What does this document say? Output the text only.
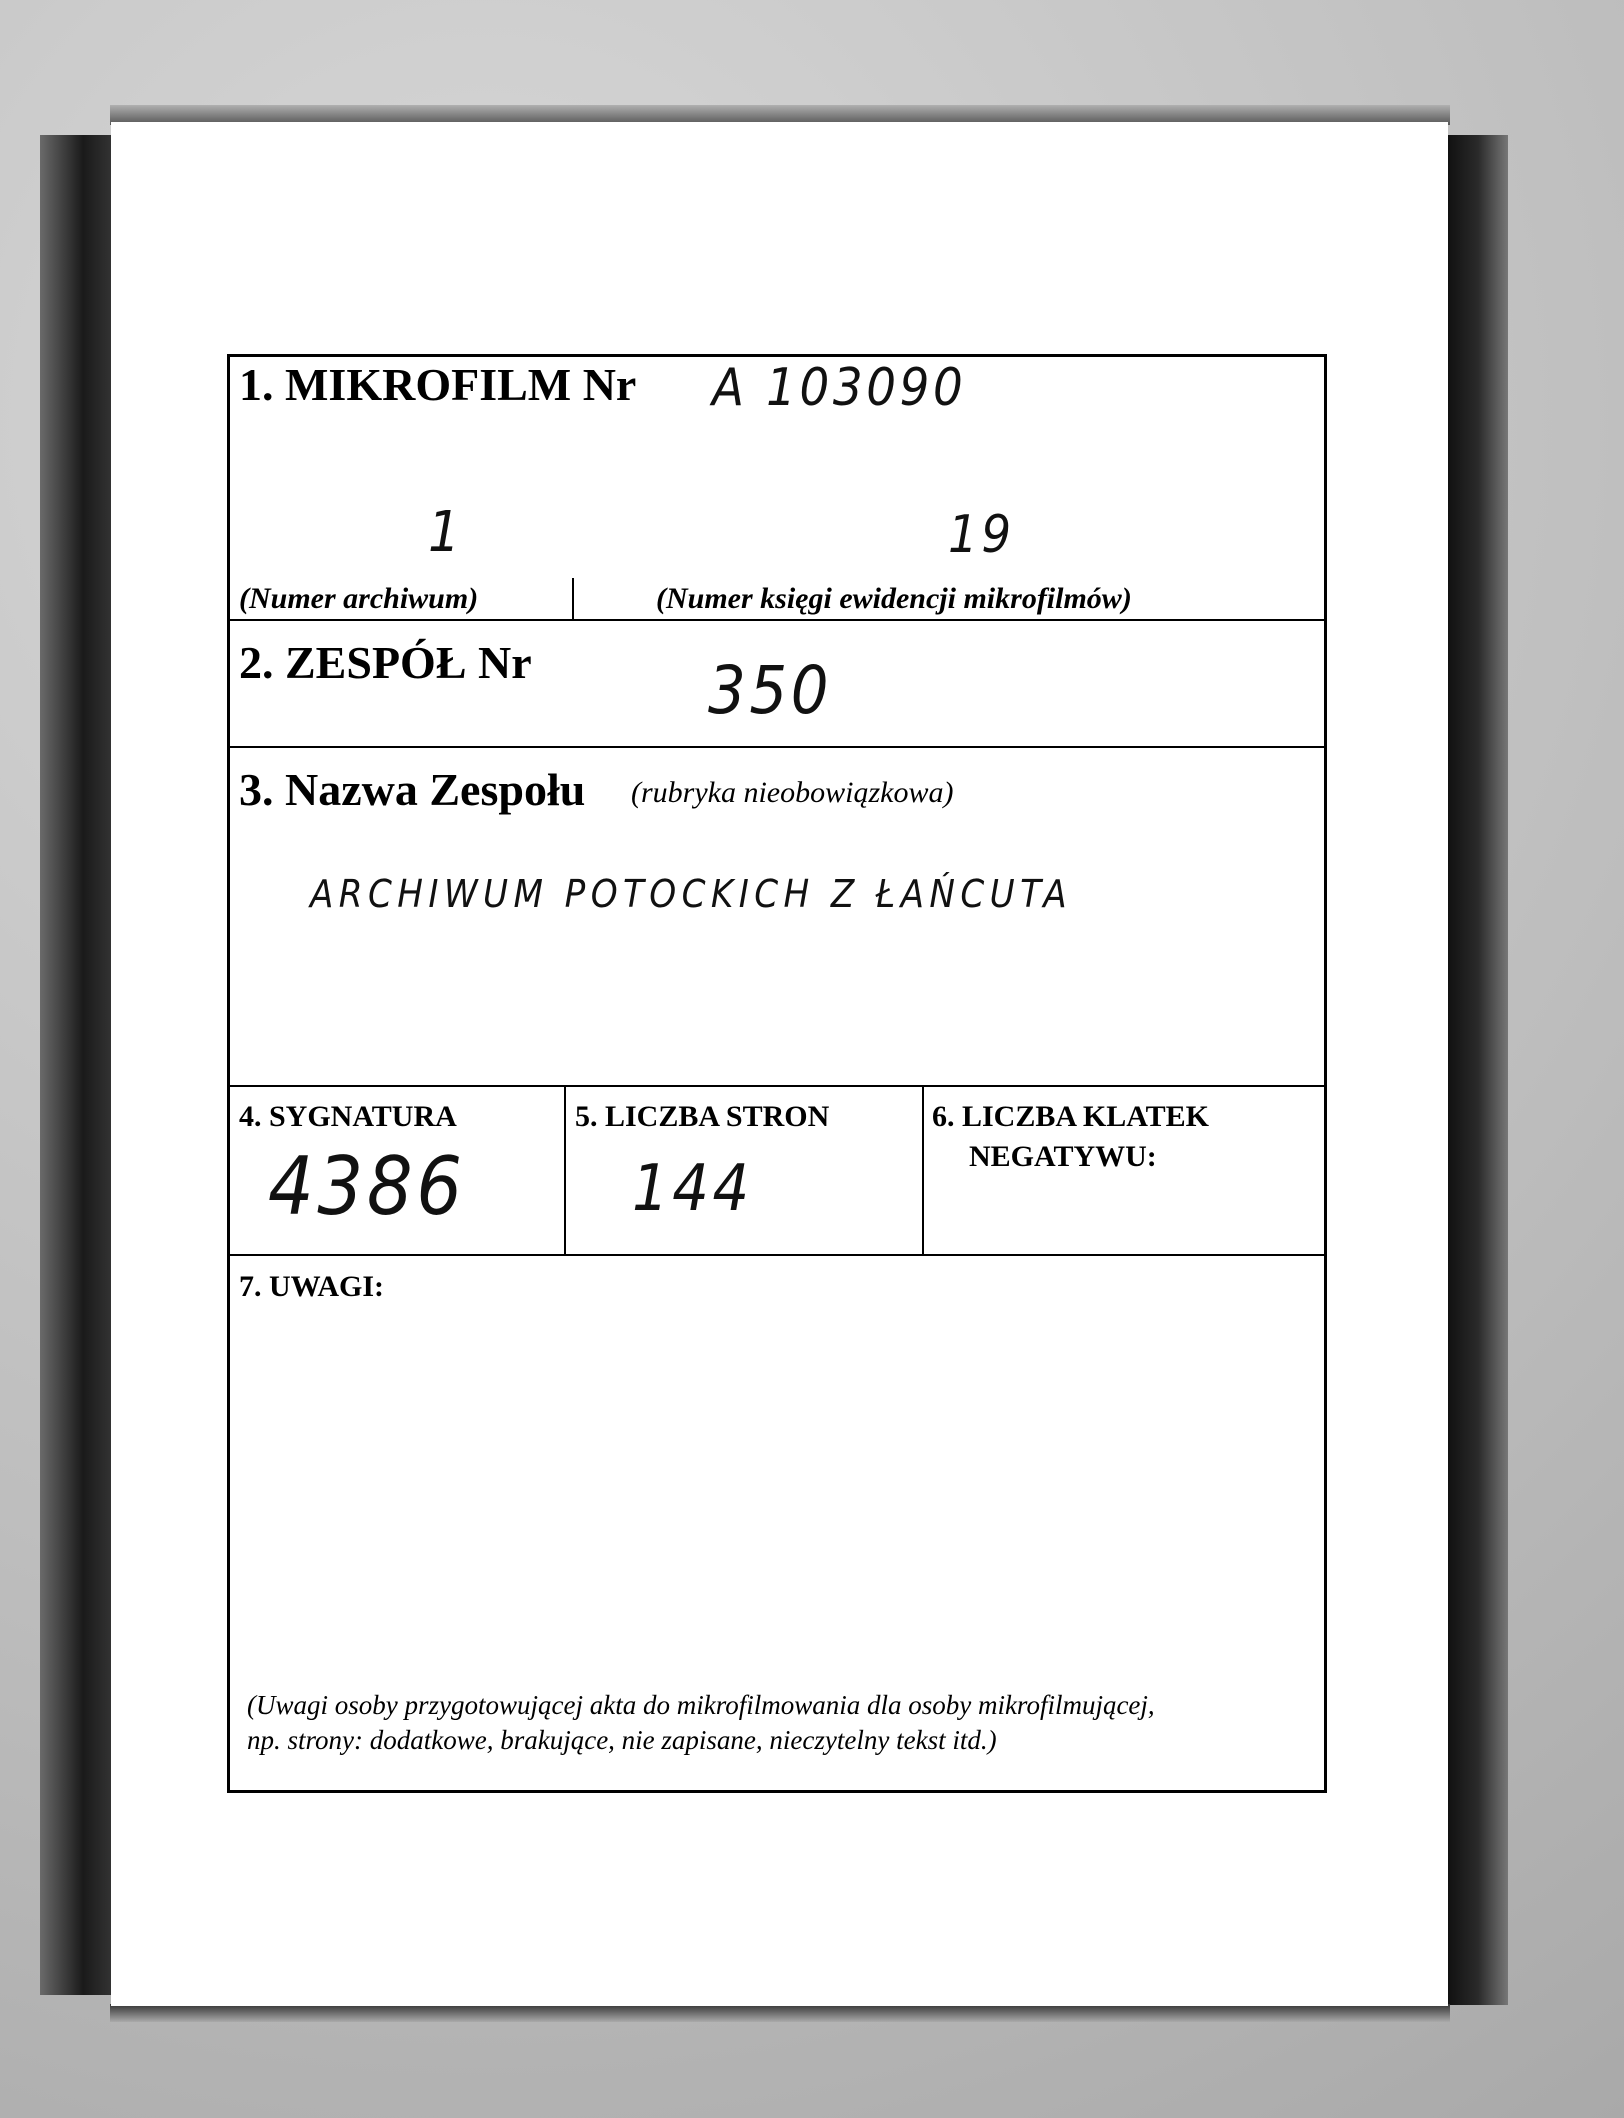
1. MIKROFILM Nr A 103090
1	19
(Numer archiwum)	(Numer księgi ewidencji mikrofilmów)
2. ZESPÓŁ Nr	350
3. Nazwa Zespołu (rubryka nieobowiązkowa)
ARCHIWUM POTOCKICH Z ŁAŃCUTA
4. SYGNATURA
4386
5. LICZBA STRON
144
6. LICZBA KLATEK
NEGATYWU:
7. UWAGI:
(Uwagi osoby przygotowującej akta do mikrofilmowania dla osoby mikrofilmującej,
np. strony: dodatkowe, brakujące, nie zapisane, nieczytelny tekst itd.)
